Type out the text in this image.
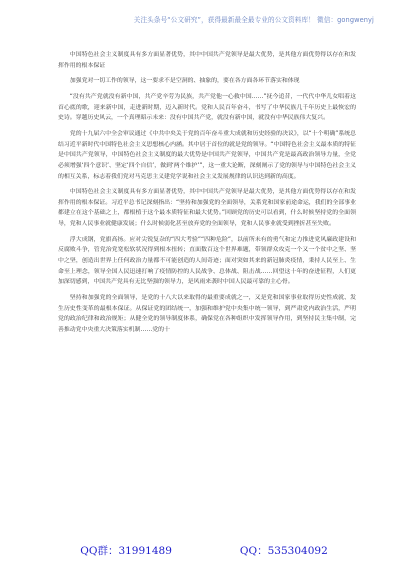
关注头条号“公文研究”，获得最新最全最专业的公文资料库！ 微信：gongwenyj

中国特色社会主义制度具有多方面显著优势，其中中国共产党领导是最大优势，是其他方面优势得以存在和发挥作用的根本保证

加强党对一切工作的领导，这一要求不是空洞的、抽象的，要在各方面各环节落实和体现

“没有共产党就没有新中国，共产党辛劳为民族，共产党他一心救中国……”抚今追昔，一代代中华儿女唱着这首心底的歌，迎来新中国，走进新时期，迈入新时代。党和人民百年奋斗，书写了中华民族几千年历史上最恢宏的史诗。穿越历史风云，一个真理昭示未来：没有中国共产党，就没有新中国，就没有中华民族伟大复兴。

党的十九届六中全会审议通过《中共中央关于党的百年奋斗重大成就和历史经验的决议》，以“十个明确”系统总结习近平新时代中国特色社会主义思想核心内涵。其中居于首位的就是党的领导。“中国特色社会主义最本质的特征是中国共产党领导，中国特色社会主义制度的最大优势是中国共产党领导，中国共产党是最高政治领导力量，全党必须增强‘四个意识’、坚定‘四个自信’，做到‘两个维护’”，这一重大论断，深刻阐示了党的领导与中国特色社会主义的相互关系，标志着我们党对马克思主义建党学说和社会主义发展规律的认识达到新的高度。

中国特色社会主义制度具有多方面显著优势，其中中国共产党领导是最大优势，是其他方面优势得以存在和发挥作用的根本保证。习近平总书记深刻指出：“坚持和加强党的全面领导，关系党和国家前途命运，我们的全部事业都建立在这个基础之上，都根植于这个最本质特征和最大优势。”回顾党的历史可以看到，什么时候坚持党的全面领导，党和人民事业就健康发展；什么时候弱化甚至放弃党的全面领导，党和人民事业就受到挫折甚至失败。

浮大成钢，党旗高扬。应对尖锐复杂的“四大考验”“四种危险”，以前所未有的勇气和定力推进党风廉政建设和反腐败斗争，管党治党宽松软状况得到根本扭转；直面数百这个世界难题，带领群众攻克一个又一个贫中之坚、坚中之坚，创造出世界上任何政治力量都不可能创造的人间奇迹；面对突如其来的新冠肺炎疫情，秉持人民至上、生命至上理念，领导全国人民迅速打响了疫情防控的人民战争、总体战、阻击战……回望这十年的奋进征程，人们更加深切感到，中国共产党具有无比坚强的领导力，是风雨来袭时中国人民最可靠的主心骨。

坚持和加强党的全面领导，是党的十八大以来取得的最重要成就之一，又是党和国家事业取得历史性成就、发生历史性变革的最根本保证。从保证党的团结统一，加强和维护党中央集中统一领导，到严肃党内政治生活，严明党的政治纪律和政治规矩；从健全党的领导制度体系，确保党在各种组织中发挥领导作用，到坚持民主集中制，完善推动党中央重大决策落实机制……党的十

QQ群：31991489	QQ：535304092
